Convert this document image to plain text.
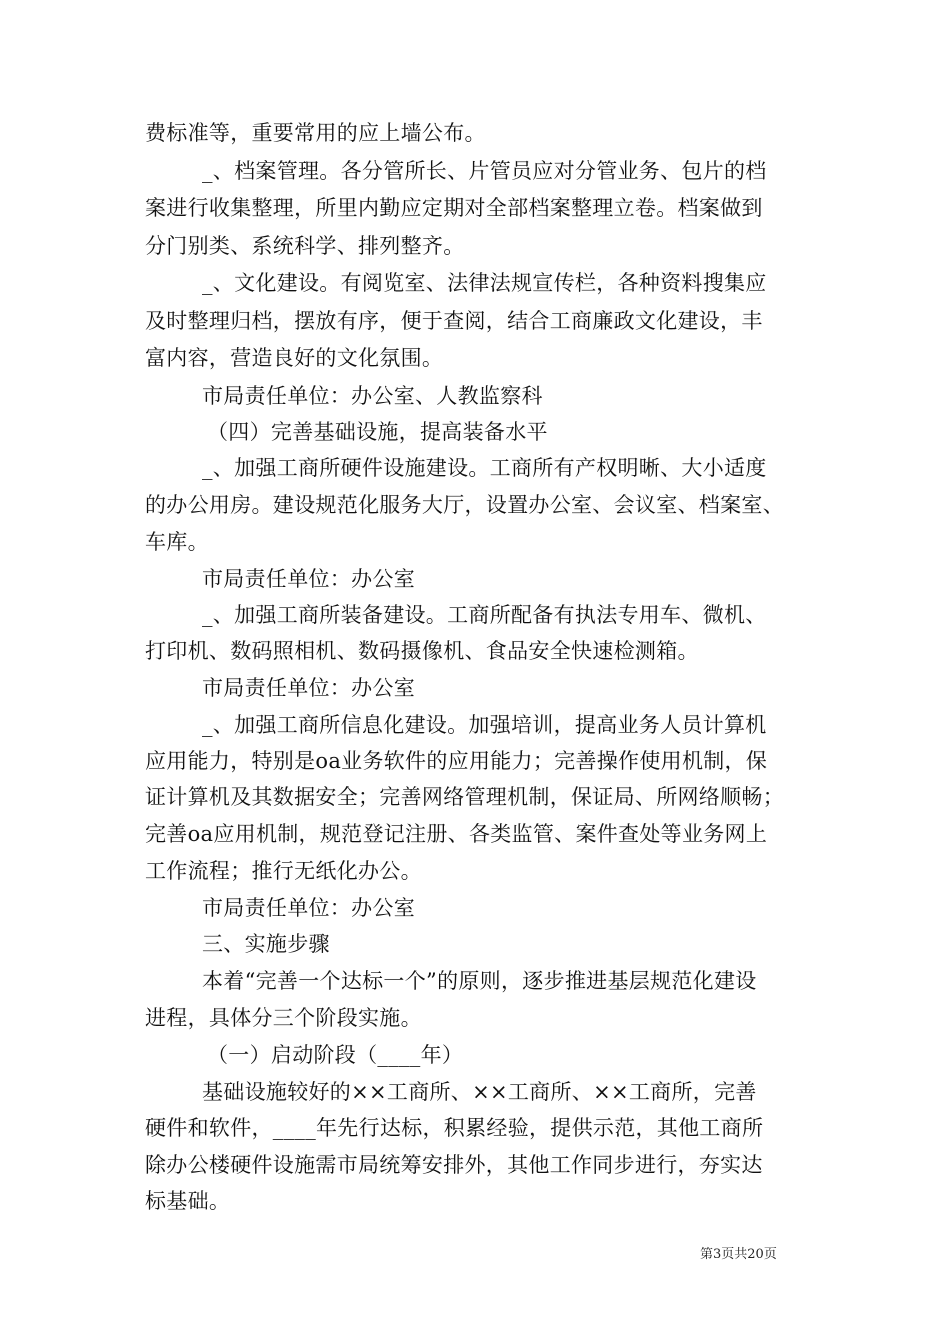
费标准等，重要常用的应上墙公布。
_、档案管理。各分管所长、片管员应对分管业务、包片的档
案进行收集整理，所里内勤应定期对全部档案整理立卷。档案做到
分门别类、系统科学、排列整齐。
_、文化建设。有阅览室、法律法规宣传栏，各种资料搜集应
及时整理归档，摆放有序，便于查阅，结合工商廉政文化建设，丰
富内容，营造良好的文化氛围。
市局责任单位：办公室、人教监察科
（四）完善基础设施，提高装备水平
_、加强工商所硬件设施建设。工商所有产权明晰、大小适度
的办公用房。建设规范化服务大厅，设置办公室、会议室、档案室、
车库。
市局责任单位：办公室
_、加强工商所装备建设。工商所配备有执法专用车、微机、
打印机、数码照相机、数码摄像机、食品安全快速检测箱。
市局责任单位：办公室
_、加强工商所信息化建设。加强培训，提高业务人员计算机
应用能力，特别是oa业务软件的应用能力；完善操作使用机制，保
证计算机及其数据安全；完善网络管理机制，保证局、所网络顺畅；
完善oa应用机制，规范登记注册、各类监管、案件查处等业务网上
工作流程；推行无纸化办公。
市局责任单位：办公室
三、实施步骤
本着“完善一个达标一个”的原则，逐步推进基层规范化建设
进程，具体分三个阶段实施。
（一）启动阶段（____年）
基础设施较好的××工商所、××工商所、××工商所，完善
硬件和软件，____年先行达标，积累经验，提供示范，其他工商所
除办公楼硬件设施需市局统筹安排外，其他工作同步进行，夯实达
标基础。
第3页共20页
